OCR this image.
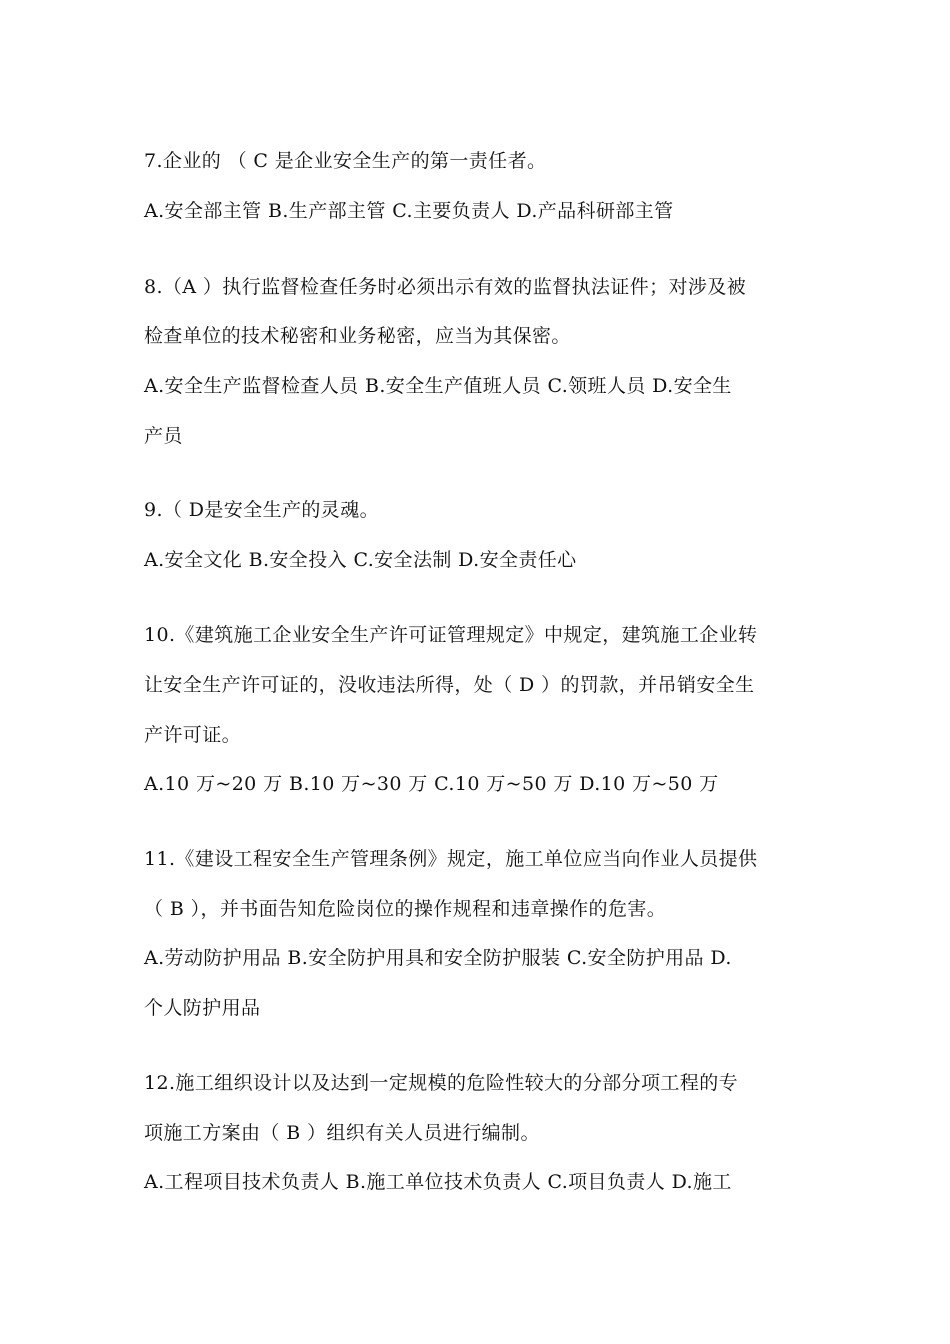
7.企业的 （ C 是企业安全生产的第一责任者。
A.安全部主管 B.生产部主管 C.主要负责人 D.产品科研部主管
8.（A ）执行监督检查任务时必须出示有效的监督执法证件；对涉及被
检查单位的技术秘密和业务秘密，应当为其保密。
A.安全生产监督检查人员 B.安全生产值班人员 C.领班人员 D.安全生
产员
9.（ D是安全生产的灵魂。
A.安全文化 B.安全投入 C.安全法制 D.安全责任心
10.《建筑施工企业安全生产许可证管理规定》中规定，建筑施工企业转
让安全生产许可证的，没收违法所得，处（ D ）的罚款，并吊销安全生
产许可证。
A.10 万~20 万 B.10 万~30 万 C.10 万~50 万 D.10 万~50 万
11.《建设工程安全生产管理条例》规定，施工单位应当向作业人员提供
（ B ），并书面告知危险岗位的操作规程和违章操作的危害。
A.劳动防护用品 B.安全防护用具和安全防护服装 C.安全防护用品 D.
个人防护用品
12.施工组织设计以及达到一定规模的危险性较大的分部分项工程的专
项施工方案由（ B ）组织有关人员进行编制。
A.工程项目技术负责人 B.施工单位技术负责人 C.项目负责人 D.施工
